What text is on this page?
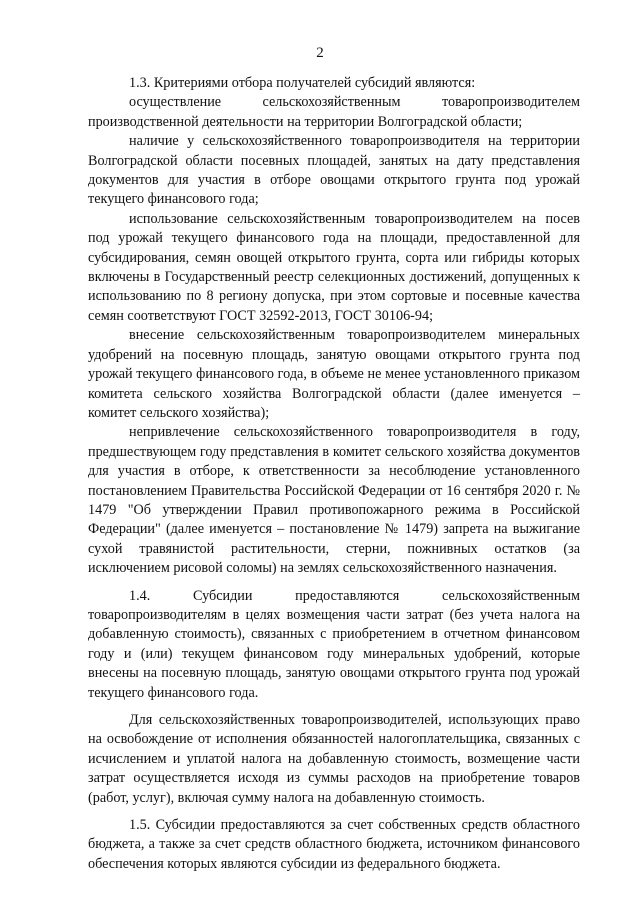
2

1.3. Критериями отбора получателей субсидий являются:

осуществление сельскохозяйственным товаропроизводителем производственной деятельности на территории Волгоградской области;

наличие у сельскохозяйственного товаропроизводителя на территории Волгоградской области посевных площадей, занятых на дату представления документов для участия в отборе овощами открытого грунта под урожай текущего финансового года;

использование сельскохозяйственным товаропроизводителем на посев под урожай текущего финансового года на площади, предоставленной для субсидирования, семян овощей открытого грунта, сорта или гибриды которых включены в Государственный реестр селекционных достижений, допущенных к использованию по 8 региону допуска, при этом сортовые и посевные качества семян соответствуют ГОСТ 32592-2013, ГОСТ 30106-94;

внесение сельскохозяйственным товаропроизводителем минеральных удобрений на посевную площадь, занятую овощами открытого грунта под урожай текущего финансового года, в объеме не менее установленного приказом комитета сельского хозяйства Волгоградской области (далее именуется – комитет сельского хозяйства);

непривлечение сельскохозяйственного товаропроизводителя в году, предшествующем году представления в комитет сельского хозяйства документов для участия в отборе, к ответственности за несоблюдение установленного постановлением Правительства Российской Федерации от 16 сентября 2020 г. № 1479 "Об утверждении Правил противопожарного режима в Российской Федерации" (далее именуется – постановление № 1479) запрета на выжигание сухой травянистой растительности, стерни, пожнивных остатков (за исключением рисовой соломы) на землях сельскохозяйственного назначения.

1.4. Субсидии предоставляются сельскохозяйственным товаропроизводителям в целях возмещения части затрат (без учета налога на добавленную стоимость), связанных с приобретением в отчетном финансовом году и (или) текущем финансовом году минеральных удобрений, которые внесены на посевную площадь, занятую овощами открытого грунта под урожай текущего финансового года.

Для сельскохозяйственных товаропроизводителей, использующих право на освобождение от исполнения обязанностей налогоплательщика, связанных с исчислением и уплатой налога на добавленную стоимость, возмещение части затрат осуществляется исходя из суммы расходов на приобретение товаров (работ, услуг), включая сумму налога на добавленную стоимость.

1.5. Субсидии предоставляются за счет собственных средств областного бюджета, а также за счет средств областного бюджета, источником финансового обеспечения которых являются субсидии из федерального бюджета.
